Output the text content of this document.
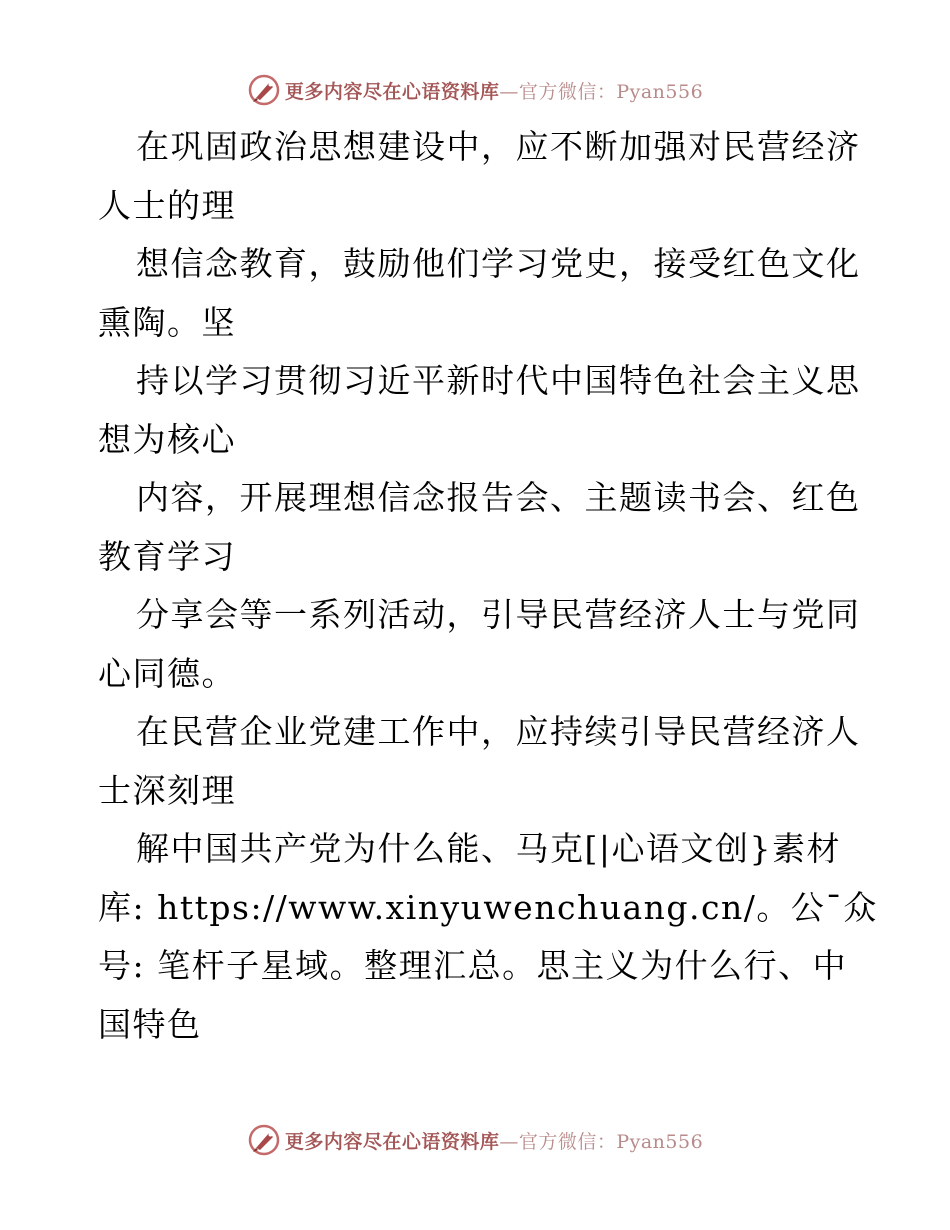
更多内容尽在心语资料库—官方微信：Pyan556
在巩固政治思想建设中，应不断加强对民营经济
人士的理
想信念教育，鼓励他们学习党史，接受红色文化
熏陶。坚
持以学习贯彻习近平新时代中国特色社会主义思
想为核心
内容，开展理想信念报告会、主题读书会、红色
教育学习
分享会等一系列活动，引导民营经济人士与党同
心同德。
在民营企业党建工作中，应持续引导民营经济人
士深刻理
解中国共产党为什么能、马克[|心语文创}素材
库: https://www.xinyuwenchuang.cn/。公¯众
号: 笔杆子星域。整理汇总。思主义为什么行、中
国特色
更多内容尽在心语资料库—官方微信：Pyan556
